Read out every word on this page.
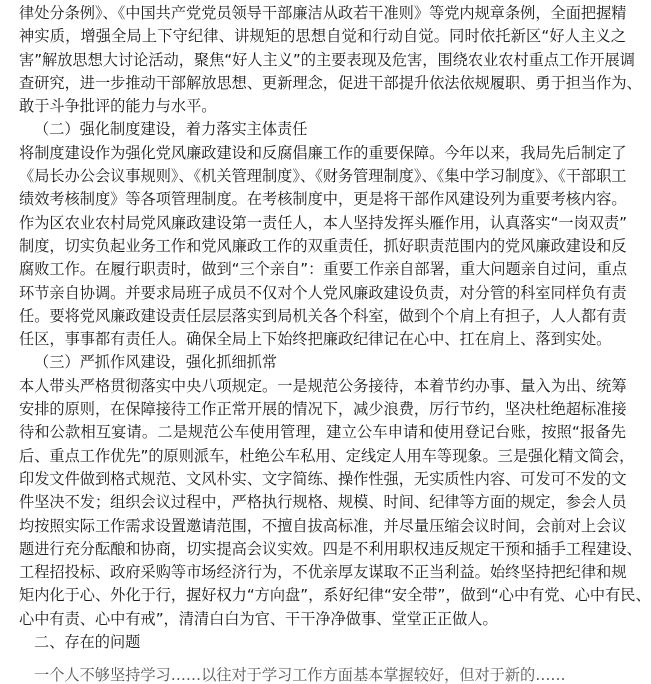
律处分条例》、《中国共产党党员领导干部廉洁从政若干准则》等党内规章条例，全面把握精
神实质，增强全局上下守纪律、讲规矩的思想自觉和行动自觉。同时依托新区“好人主义之
害”解放思想大讨论活动，聚焦“好人主义”的主要表现及危害，围绕农业农村重点工作开展调
查研究，进一步推动干部解放思想、更新理念，促进干部提升依法依规履职、勇于担当作为、
敢于斗争批评的能力与水平。
（二）强化制度建设，着力落实主体责任
将制度建设作为强化党风廉政建设和反腐倡廉工作的重要保障。今年以来，我局先后制定了
《局长办公会议事规则》、《机关管理制度》、《财务管理制度》、《集中学习制度》、《干部职工
绩效考核制度》等各项管理制度。在考核制度中，更是将干部作风建设列为重要考核内容。
作为区农业农村局党风廉政建设第一责任人，本人坚持发挥头雁作用，认真落实“一岗双责”
制度，切实负起业务工作和党风廉政工作的双重责任，抓好职责范围内的党风廉政建设和反
腐败工作。在履行职责时，做到“三个亲自”：重要工作亲自部署，重大问题亲自过问，重点
环节亲自协调。并要求局班子成员不仅对个人党风廉政建设负责，对分管的科室同样负有责
任。要将党风廉政建设责任层层落实到局机关各个科室，做到个个肩上有担子，人人都有责
任区，事事都有责任人。确保全局上下始终把廉政纪律记在心中、扛在肩上、落到实处。
（三）严抓作风建设，强化抓细抓常
本人带头严格贯彻落实中央八项规定。一是规范公务接待，本着节约办事、量入为出、统筹
安排的原则，在保障接待工作正常开展的情况下，减少浪费，厉行节约，坚决杜绝超标准接
待和公款相互宴请。二是规范公车使用管理，建立公车申请和使用登记台账，按照“报备先
后、重点工作优先”的原则派车，杜绝公车私用、定线定人用车等现象。三是强化精文简会，
印发文件做到格式规范、文风朴实、文字简练、操作性强，无实质性内容、可发可不发的文
件坚决不发；组织会议过程中，严格执行规格、规模、时间、纪律等方面的规定，参会人员
均按照实际工作需求设置邀请范围，不擅自拔高标准，并尽量压缩会议时间，会前对上会议
题进行充分酝酿和协商，切实提高会议实效。四是不利用职权违反规定干预和插手工程建设、
工程招投标、政府采购等市场经济行为，不优亲厚友谋取不正当利益。始终坚持把纪律和规
矩内化于心、外化于行，握好权力“方向盘”，系好纪律“安全带”，做到“心中有党、心中有民、
心中有责、心中有戒”，清清白白为官、干干净净做事、堂堂正正做人。
二、存在的问题
一个人不够坚持学习……以往对于学习工作方面基本掌握较好，但对于新的……
